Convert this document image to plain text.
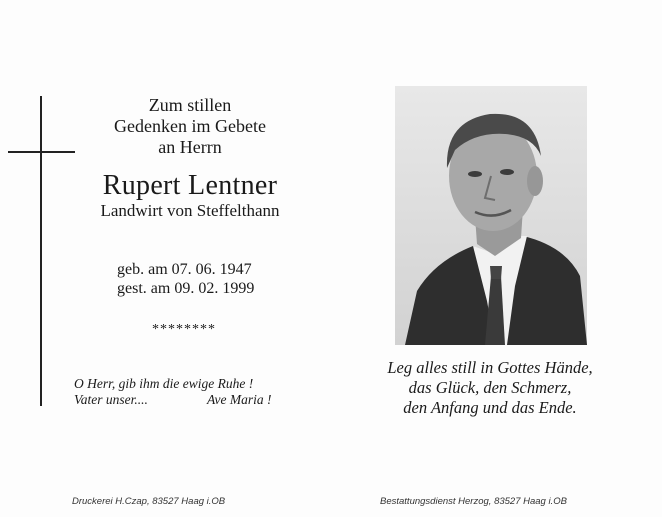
Zum stillen
Gedenken im Gebete
an Herrn
Rupert Lentner
Landwirt von Steffelthann
geb. am 07. 06. 1947
gest. am 09. 02. 1999
********
O Herr, gib ihm die ewige Ruhe !
Vater unser....	Ave Maria !
Leg alles still in Gottes Hände,
das Glück, den Schmerz,
den Anfang und das Ende.
Druckerei H.Czap, 83527 Haag i.OB	Bestattungsdienst Herzog, 83527 Haag i.OB
